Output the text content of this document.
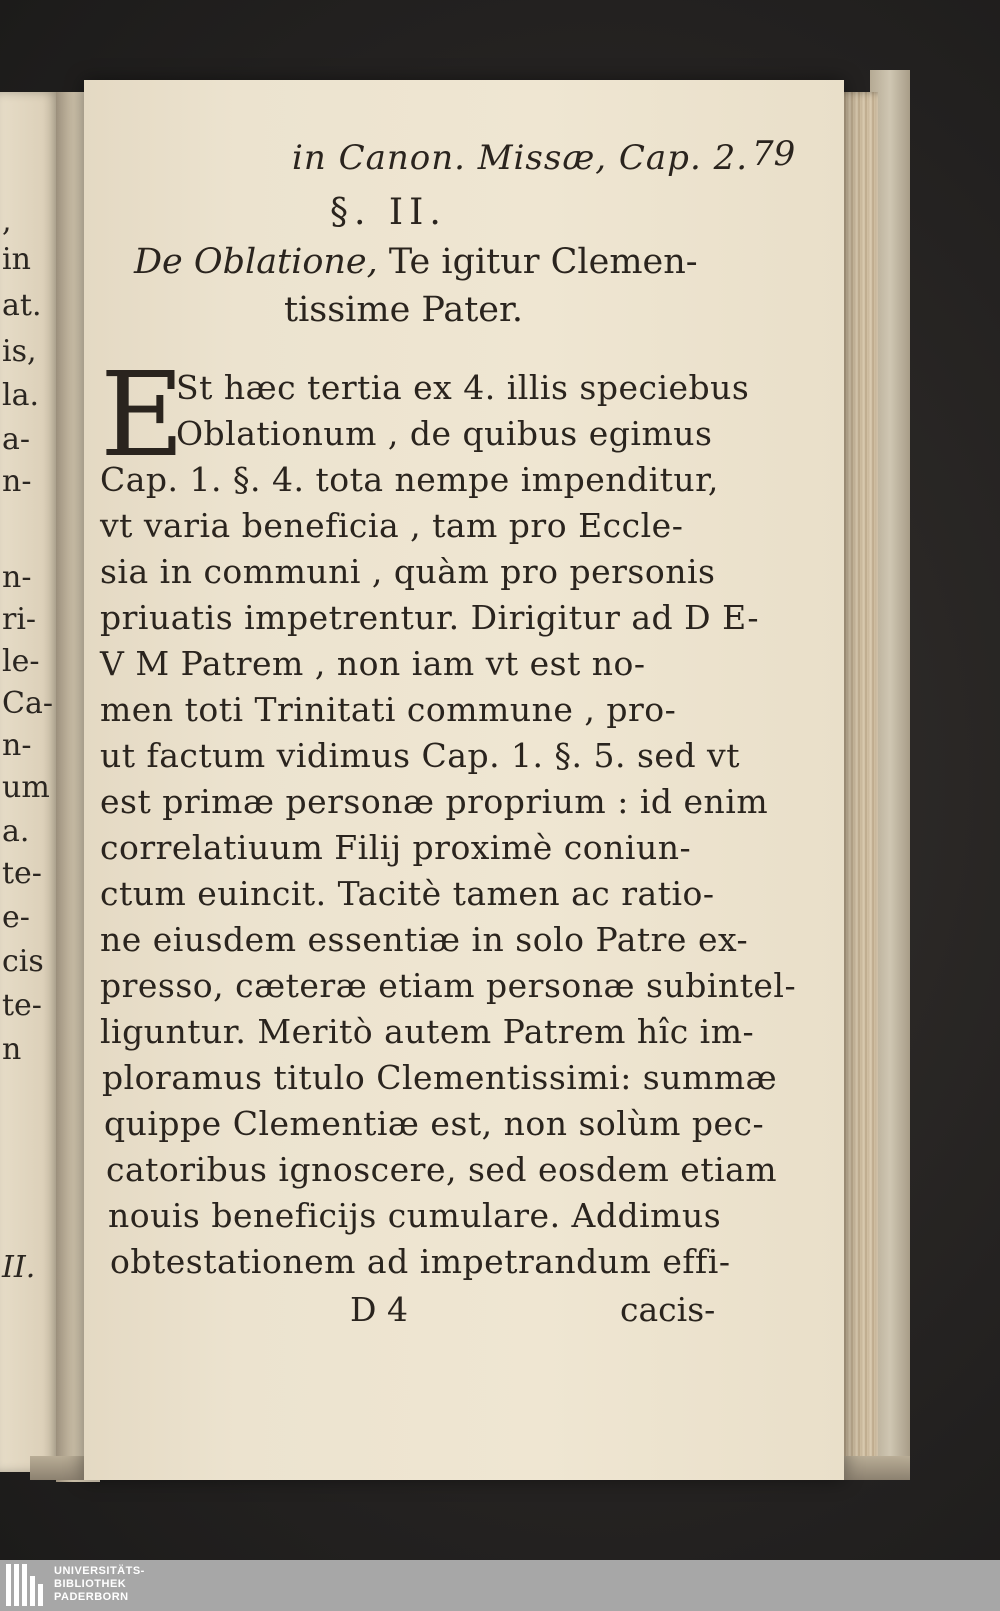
,
in
at.
is,
la.
a-
n-
n-
ri-
le-
Ca-
n-
um
a.
te-
e-
cis
te-
n
II.
in Canon. Missæ, Cap. 2. 79
§. II.
De Oblatione, Te igitur Clemen-
tissime Pater.
E
St hæc tertia ex 4. illis speciebus
Oblationum , de quibus egimus
Cap. 1. §. 4. tota nempe impenditur,
vt varia beneficia , tam pro Eccle-
sia in communi , quàm pro personis
priuatis impetrentur. Dirigitur ad D E-
V M Patrem , non iam vt est no-
men toti Trinitati commune , pro-
ut factum vidimus Cap. 1. §. 5. sed vt
est primæ personæ proprium : id enim
correlatiuum Filij proximè coniun-
ctum euincit. Tacitè tamen ac ratio-
ne eiusdem essentiæ in solo Patre ex-
presso, cæteræ etiam personæ subintel-
liguntur. Meritò autem Patrem hîc im-
ploramus titulo Clementissimi: summæ
quippe Clementiæ est, non solùm pec-
catoribus ignoscere, sed eosdem etiam
nouis beneficijs cumulare. Addimus
obtestationem ad impetrandum effi-
D 4	cacis-
UNIVERSITÄTS-
BIBLIOTHEK
PADERBORN
